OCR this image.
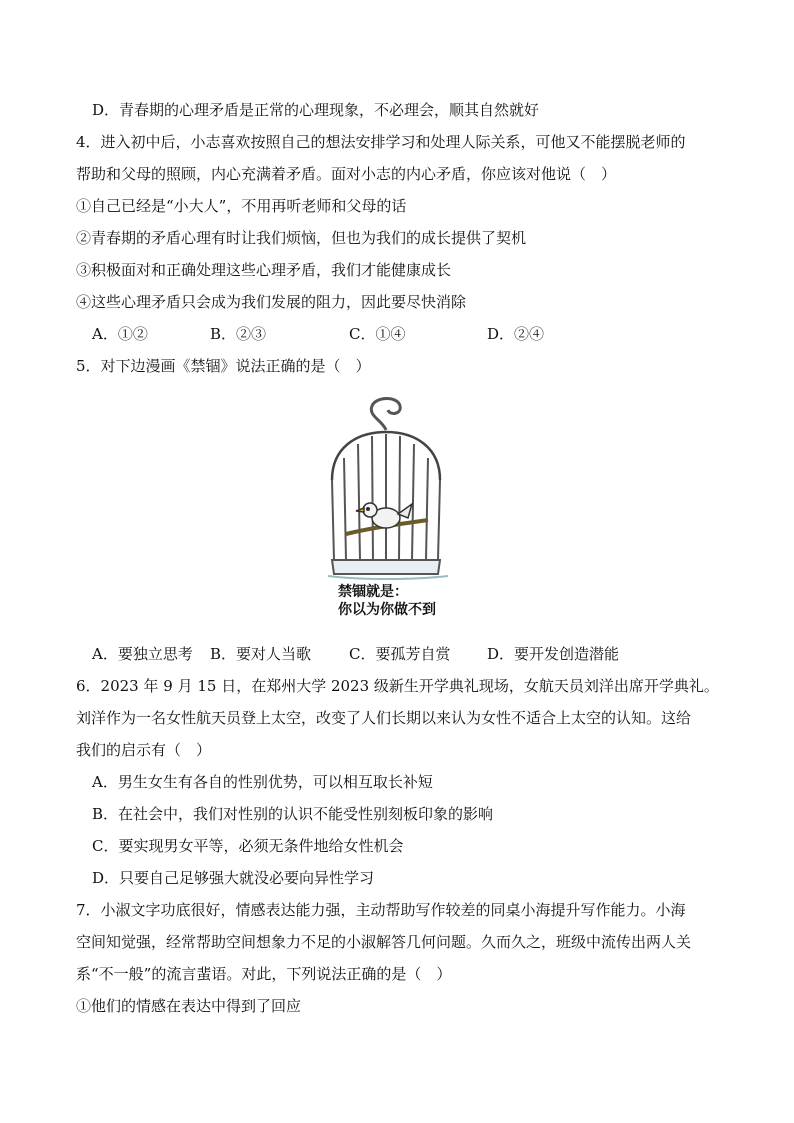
D．青春期的心理矛盾是正常的心理现象，不必理会，顺其自然就好
4．进入初中后，小志喜欢按照自己的想法安排学习和处理人际关系，可他又不能摆脱老师的
帮助和父母的照顾，内心充满着矛盾。面对小志的内心矛盾，你应该对他说（　）
①自己已经是“小大人”，不用再听老师和父母的话
②青春期的矛盾心理有时让我们烦恼，但也为我们的成长提供了契机
③积极面对和正确处理这些心理矛盾，我们才能健康成长
④这些心理矛盾只会成为我们发展的阻力，因此要尽快消除
A．①②	B．②③	C．①④	D．②④
5．对下边漫画《禁锢》说法正确的是（　）
禁锢就是：
你以为你做不到
A．要独立思考 B．要对人当歌	C．要孤芳自赏 D．要开发创造潜能
6．2023 年 9 月 15 日，在郑州大学 2023 级新生开学典礼现场，女航天员刘洋出席开学典礼。
刘洋作为一名女性航天员登上太空，改变了人们长期以来认为女性不适合上太空的认知。这给
我们的启示有（　）
A．男生女生有各自的性别优势，可以相互取长补短
B．在社会中，我们对性别的认识不能受性别刻板印象的影响
C．要实现男女平等，必须无条件地给女性机会
D．只要自己足够强大就没必要向异性学习
7．小淑文字功底很好，情感表达能力强，主动帮助写作较差的同桌小海提升写作能力。小海
空间知觉强，经常帮助空间想象力不足的小淑解答几何问题。久而久之，班级中流传出两人关
系“不一般”的流言蜚语。对此，下列说法正确的是（　）
①他们的情感在表达中得到了回应
